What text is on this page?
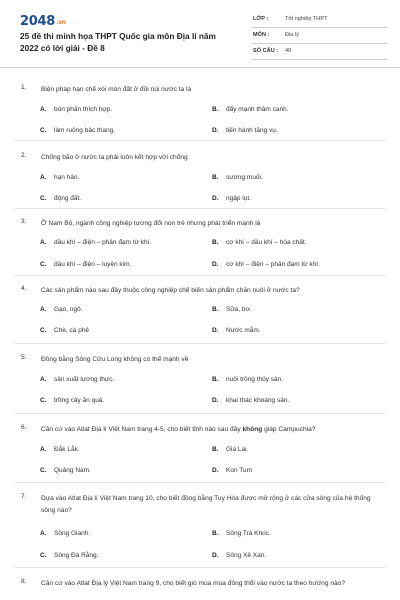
2048.vn
25 đề thi minh họa THPT Quốc gia môn Địa lí năm 2022 có lời giải - Đề 8
LỚP :	Tốt nghiệp THPT
MÔN :	Địa lý
SỐ CÂU : 40
1. Biện pháp hạn chế xói mòn đất ở đồi núi nước ta là
A. bón phân thích hợp.	B. đẩy mạnh thâm canh.
C. làm ruộng bậc thang.	D. tiến hành tăng vụ.
2. Chống bão ở nước ta phải luôn kết hợp với chống
A. hạn hán.	B. sương muối.
C. động đất.	D. ngập lụt.
3. Ở Nam Bộ, ngành công nghiệp tương đối non trẻ nhưng phát triển mạnh là
A. dầu khí – điện – phân đạm từ khí.	B. cơ khí – dầu khí – hóa chất.
C. dầu khí – điện – luyện kim.	D. cơ khí – điện – phân đạm từ khí.
4. Các sản phẩm nào sau đây thuộc công nghiệp chế biến sản phẩm chăn nuôi ở nước ta?
A. Gạo, ngô.	B. Sữa, bơ.
C. Chè, cà phê	D. Nước mắm.
5. Đồng bằng Sông Cửu Long không có thế mạnh về
A. sản xuất lương thực.	B. nuôi trồng thủy sản.
C. trồng cây ăn quả.	D. khai thác khoáng sản.
6. Căn cứ vào Atlat Địa lí Việt Nam trang 4-5, cho biết tỉnh nào sau đây không giáp Campuchia?
A. Đắk Lắk.	B. Gia Lai.
C. Quảng Nam.	D. Kon Tum
7. Dựa vào Atlat Địa lí Việt Nam trang 10, cho biết đồng bằng Tuy Hòa được mở rộng ở các cửa sông của hệ thống sông nào?
A. Sông Gianh.	B. Sông Trà Khúc.
C. Sông Đà Rằng.	D. Sông Xê Xan.
8. Căn cứ vào Atlat Địa lý Việt Nam trang 9, cho biết gió mùa mùa đông thổi vào nước ta theo hướng nào?
